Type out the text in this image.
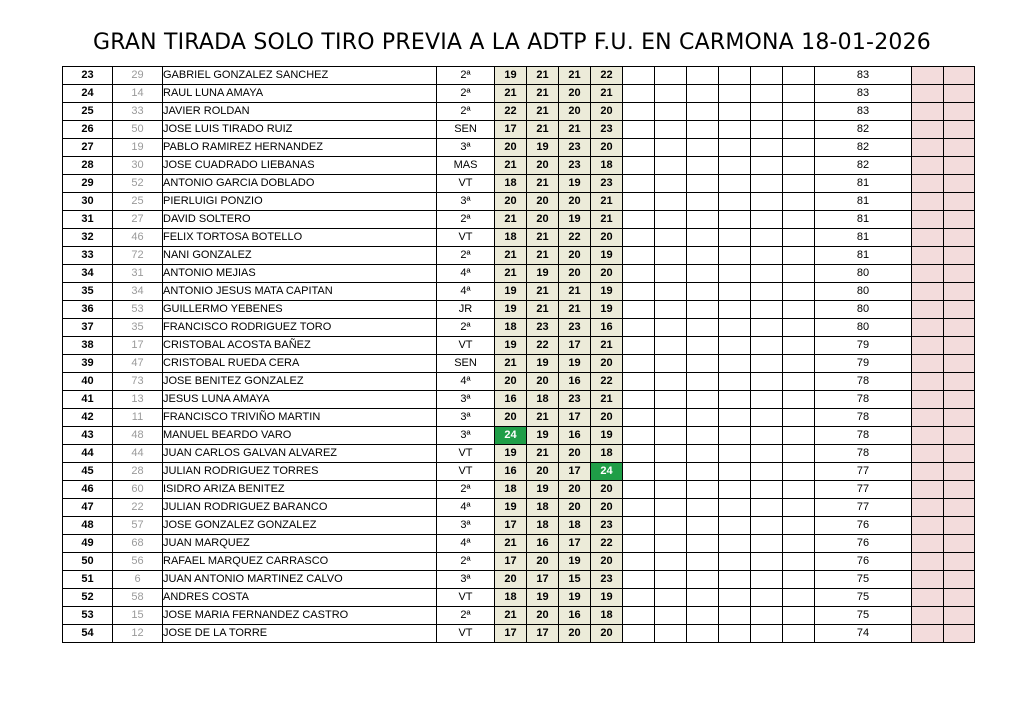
GRAN TIRADA SOLO TIRO PREVIA A LA ADTP F.U. EN CARMONA 18-01-2026
23	29	GABRIEL GONZALEZ SANCHEZ	2ª	19	21	21	22							83		
24	14	RAUL LUNA AMAYA	2ª	21	21	20	21							83		
25	33	JAVIER ROLDAN	2ª	22	21	20	20							83		
26	50	JOSE LUIS TIRADO RUIZ	SEN	17	21	21	23							82		
27	19	PABLO RAMIREZ HERNANDEZ	3ª	20	19	23	20							82		
28	30	JOSE CUADRADO LIEBANAS	MAS	21	20	23	18							82		
29	52	ANTONIO GARCIA DOBLADO	VT	18	21	19	23							81		
30	25	PIERLUIGI PONZIO	3ª	20	20	20	21							81		
31	27	DAVID SOLTERO	2ª	21	20	19	21							81		
32	46	FELIX TORTOSA BOTELLO	VT	18	21	22	20							81		
33	72	NANI GONZALEZ	2ª	21	21	20	19							81		
34	31	ANTONIO MEJIAS	4ª	21	19	20	20							80		
35	34	ANTONIO JESUS MATA CAPITAN	4ª	19	21	21	19							80		
36	53	GUILLERMO YEBENES	JR	19	21	21	19							80		
37	35	FRANCISCO RODRIGUEZ TORO	2ª	18	23	23	16							80		
38	17	CRISTOBAL ACOSTA BAÑEZ	VT	19	22	17	21							79		
39	47	CRISTOBAL RUEDA CERA	SEN	21	19	19	20							79		
40	73	JOSE BENITEZ GONZALEZ	4ª	20	20	16	22							78		
41	13	JESUS LUNA AMAYA	3ª	16	18	23	21							78		
42	11	FRANCISCO TRIVIÑO MARTIN	3ª	20	21	17	20							78		
43	48	MANUEL BEARDO VARO	3ª	24	19	16	19							78		
44	44	JUAN CARLOS GALVAN ALVAREZ	VT	19	21	20	18							78		
45	28	JULIAN RODRIGUEZ TORRES	VT	16	20	17	24							77		
46	60	ISIDRO ARIZA BENITEZ	2ª	18	19	20	20							77		
47	22	JULIAN RODRIGUEZ BARANCO	4ª	19	18	20	20							77		
48	57	JOSE GONZALEZ GONZALEZ	3ª	17	18	18	23							76		
49	68	JUAN MARQUEZ	4ª	21	16	17	22							76		
50	56	RAFAEL MARQUEZ CARRASCO	2ª	17	20	19	20							76		
51	6	JUAN ANTONIO MARTINEZ CALVO	3ª	20	17	15	23							75		
52	58	ANDRES COSTA	VT	18	19	19	19							75		
53	15	JOSE MARIA FERNANDEZ CASTRO	2ª	21	20	16	18							75		
54	12	JOSE DE LA TORRE	VT	17	17	20	20							74		
